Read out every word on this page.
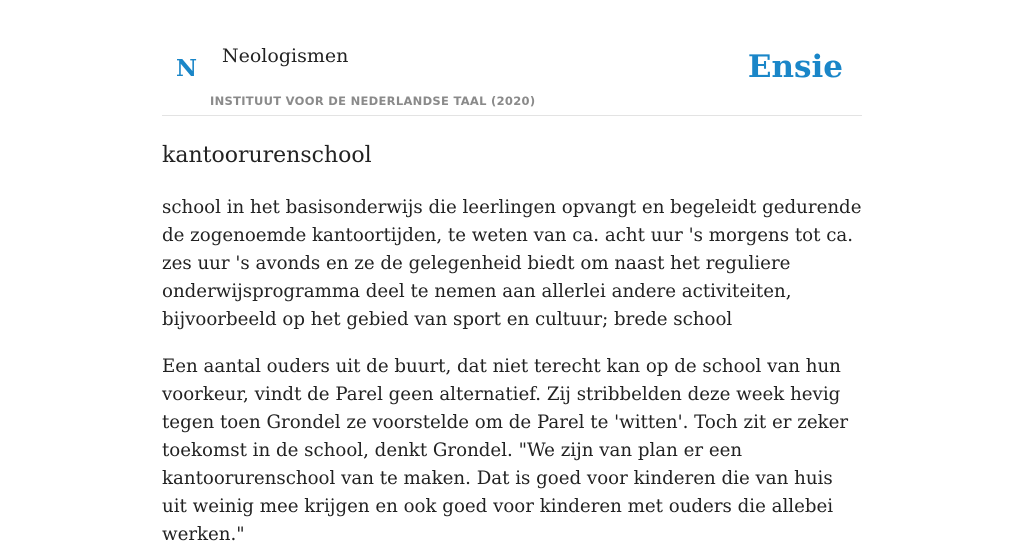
N Neologismen
INSTITUUT VOOR DE NEDERLANDSE TAAL (2020)
Ensie
kantoorurenschool

school in het basisonderwijs die leerlingen opvangt en begeleidt gedurende de zogenoemde kantoortijden, te weten van ca. acht uur 's morgens tot ca. zes uur 's avonds en ze de gelegenheid biedt om naast het reguliere onderwijsprogramma deel te nemen aan allerlei andere activiteiten, bijvoorbeeld op het gebied van sport en cultuur; brede school

Een aantal ouders uit de buurt, dat niet terecht kan op de school van hun voorkeur, vindt de Parel geen alternatief. Zij stribbelden deze week hevig tegen toen Grondel ze voorstelde om de Parel te 'witten'. Toch zit er zeker toekomst in de school, denkt Grondel. "We zijn van plan er een kantoorurenschool van te maken. Dat is goed voor kinderen die van huis uit weinig mee krijgen en ook goed voor kinderen met ouders die allebei werken."
